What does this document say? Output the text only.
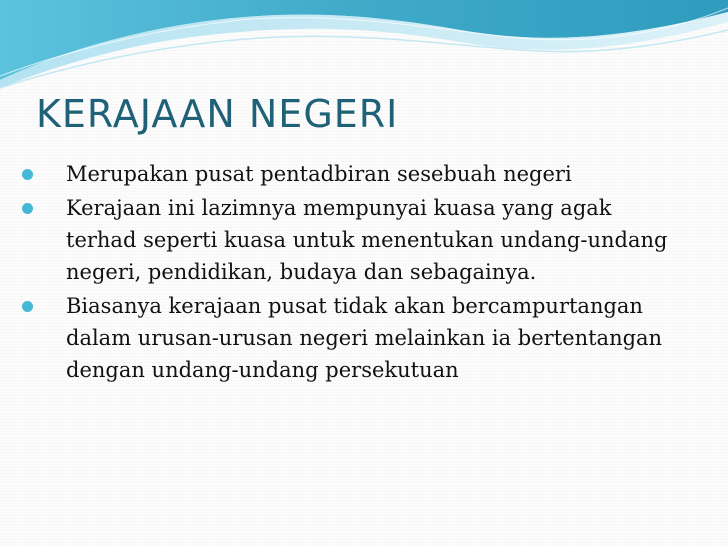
KERAJAAN NEGERI
Merupakan pusat pentadbiran sesebuah negeri
Kerajaan ini lazimnya mempunyai kuasa yang agak terhad seperti kuasa untuk menentukan undang-undang negeri, pendidikan, budaya dan sebagainya.
Biasanya kerajaan pusat tidak akan bercampurtangan dalam urusan-urusan negeri melainkan ia bertentangan dengan undang-undang persekutuan
